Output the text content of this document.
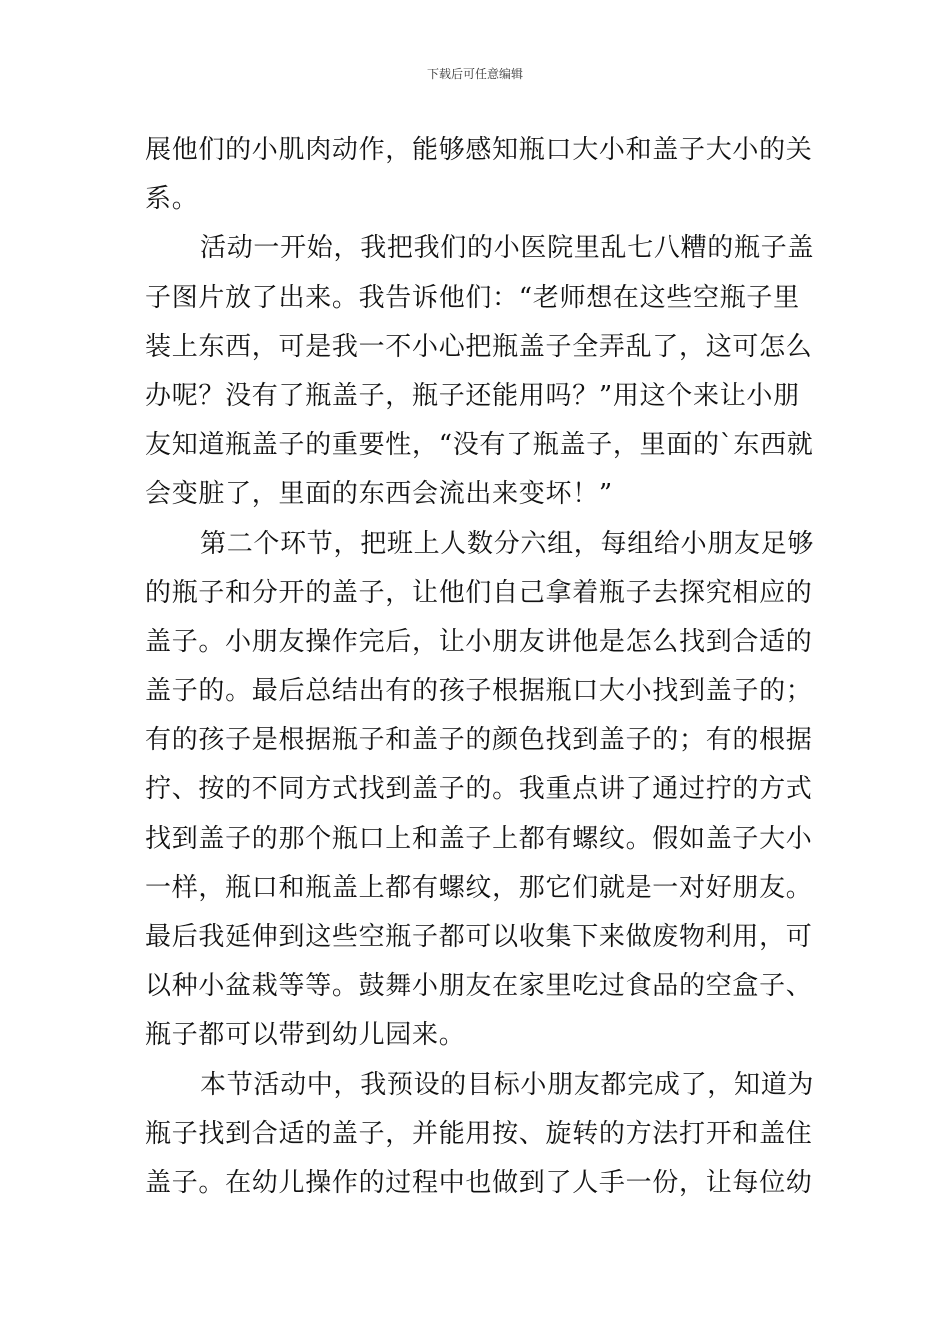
下载后可任意编辑
展他们的小肌肉动作，能够感知瓶口大小和盖子大小的关
系。
活动一开始，我把我们的小医院里乱七八糟的瓶子盖
子图片放了出来。我告诉他们：“老师想在这些空瓶子里
装上东西，可是我一不小心把瓶盖子全弄乱了，这可怎么
办呢？没有了瓶盖子，瓶子还能用吗？”用这个来让小朋
友知道瓶盖子的重要性，“没有了瓶盖子，里面的`东西就
会变脏了，里面的东西会流出来变坏！”
第二个环节，把班上人数分六组，每组给小朋友足够
的瓶子和分开的盖子，让他们自己拿着瓶子去探究相应的
盖子。小朋友操作完后，让小朋友讲他是怎么找到合适的
盖子的。最后总结出有的孩子根据瓶口大小找到盖子的；
有的孩子是根据瓶子和盖子的颜色找到盖子的；有的根据
拧、按的不同方式找到盖子的。我重点讲了通过拧的方式
找到盖子的那个瓶口上和盖子上都有螺纹。假如盖子大小
一样，瓶口和瓶盖上都有螺纹，那它们就是一对好朋友。
最后我延伸到这些空瓶子都可以收集下来做废物利用，可
以种小盆栽等等。鼓舞小朋友在家里吃过食品的空盒子、
瓶子都可以带到幼儿园来。
本节活动中，我预设的目标小朋友都完成了，知道为
瓶子找到合适的盖子，并能用按、旋转的方法打开和盖住
盖子。在幼儿操作的过程中也做到了人手一份，让每位幼
